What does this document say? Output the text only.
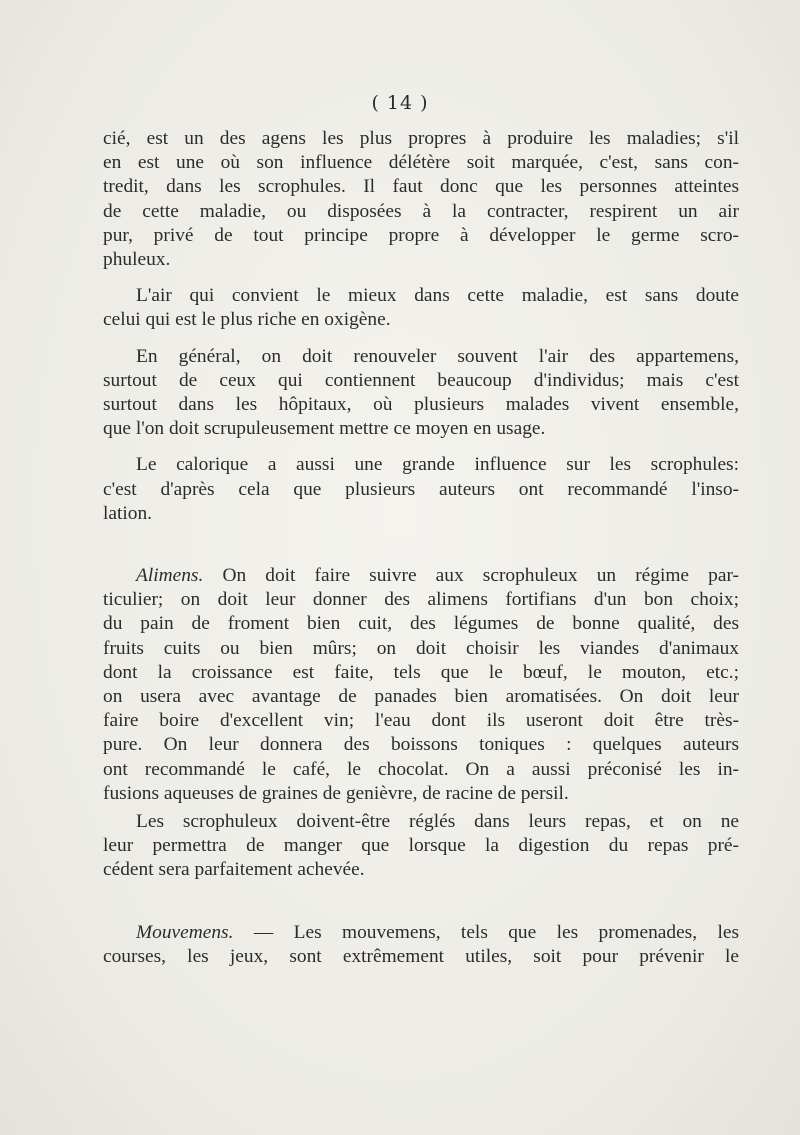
( 14 )

cié, est un des agens les plus propres à produire les maladies; s'il
en est une où son influence délétère soit marquée, c'est, sans con-
tredit, dans les scrophules. Il faut donc que les personnes atteintes
de cette maladie, ou disposées à la contracter, respirent un air
pur, privé de tout principe propre à développer le germe scro-
phuleux.

L'air qui convient le mieux dans cette maladie, est sans doute
celui qui est le plus riche en oxigène.

En général, on doit renouveler souvent l'air des appartemens,
surtout de ceux qui contiennent beaucoup d'individus; mais c'est
surtout dans les hôpitaux, où plusieurs malades vivent ensemble,
que l'on doit scrupuleusement mettre ce moyen en usage.

Le calorique a aussi une grande influence sur les scrophules:
c'est d'après cela que plusieurs auteurs ont recommandé l'inso-
lation.

Alimens. On doit faire suivre aux scrophuleux un régime par-
ticulier; on doit leur donner des alimens fortifians d'un bon choix;
du pain de froment bien cuit, des légumes de bonne qualité, des
fruits cuits ou bien mûrs; on doit choisir les viandes d'animaux
dont la croissance est faite, tels que le bœuf, le mouton, etc.;
on usera avec avantage de panades bien aromatisées. On doit leur
faire boire d'excellent vin; l'eau dont ils useront doit être très-
pure. On leur donnera des boissons toniques : quelques auteurs
ont recommandé le café, le chocolat. On a aussi préconisé les in-
fusions aqueuses de graines de genièvre, de racine de persil.

Les scrophuleux doivent-être réglés dans leurs repas, et on ne
leur permettra de manger que lorsque la digestion du repas pré-
cédent sera parfaitement achevée.

Mouvemens. — Les mouvemens, tels que les promenades, les
courses, les jeux, sont extrêmement utiles, soit pour prévenir le
